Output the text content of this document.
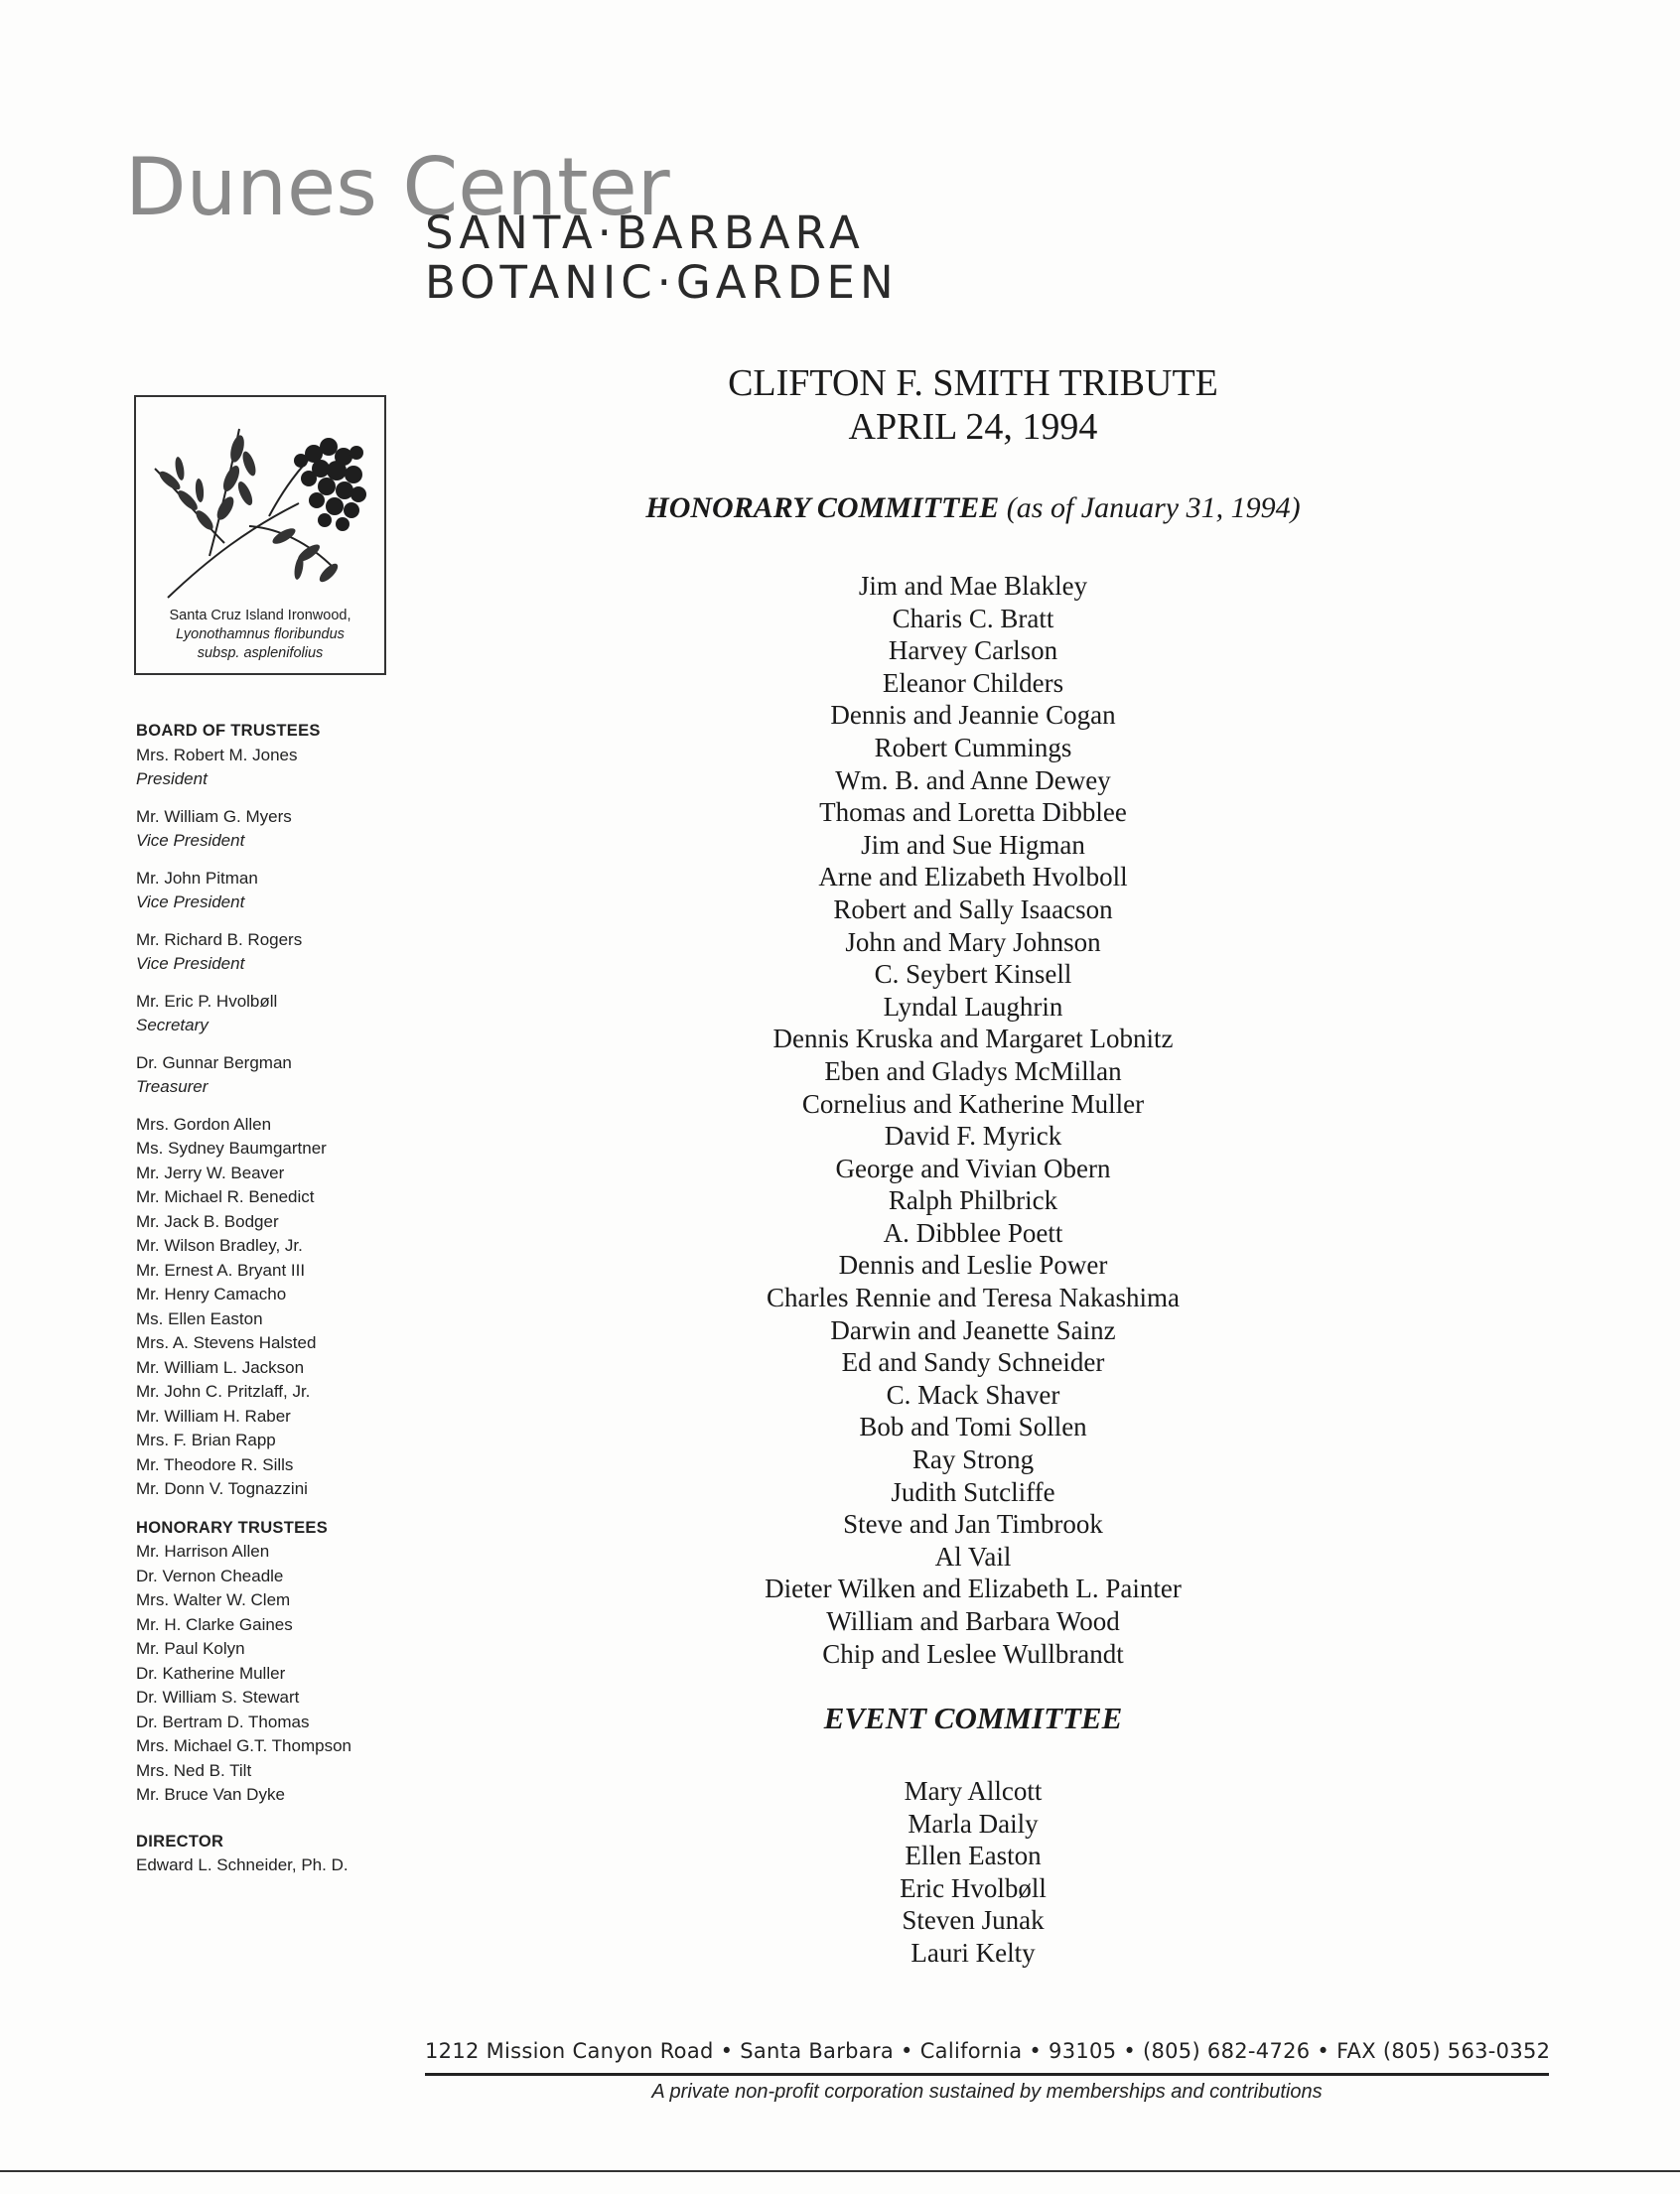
Dunes Center
SANTA·BARBARA
BOTANIC·GARDEN
Santa Cruz Island Ironwood,
Lyonothamnus floribundus
subsp. asplenifolius
BOARD OF TRUSTEES
Mrs. Robert M. Jones
President
Mr. William G. Myers
Vice President
Mr. John Pitman
Vice President
Mr. Richard B. Rogers
Vice President
Mr. Eric P. Hvolbøll
Secretary
Dr. Gunnar Bergman
Treasurer
Mrs. Gordon Allen
Ms. Sydney Baumgartner
Mr. Jerry W. Beaver
Mr. Michael R. Benedict
Mr. Jack B. Bodger
Mr. Wilson Bradley, Jr.
Mr. Ernest A. Bryant III
Mr. Henry Camacho
Ms. Ellen Easton
Mrs. A. Stevens Halsted
Mr. William L. Jackson
Mr. John C. Pritzlaff, Jr.
Mr. William H. Raber
Mrs. F. Brian Rapp
Mr. Theodore R. Sills
Mr. Donn V. Tognazzini
HONORARY TRUSTEES
Mr. Harrison Allen
Dr. Vernon Cheadle
Mrs. Walter W. Clem
Mr. H. Clarke Gaines
Mr. Paul Kolyn
Dr. Katherine Muller
Dr. William S. Stewart
Dr. Bertram D. Thomas
Mrs. Michael G.T. Thompson
Mrs. Ned B. Tilt
Mr. Bruce Van Dyke
DIRECTOR
Edward L. Schneider, Ph. D.
CLIFTON F. SMITH TRIBUTE
APRIL 24, 1994
HONORARY COMMITTEE (as of January 31, 1994)
Jim and Mae Blakley
Charis C. Bratt
Harvey Carlson
Eleanor Childers
Dennis and Jeannie Cogan
Robert Cummings
Wm. B. and Anne Dewey
Thomas and Loretta Dibblee
Jim and Sue Higman
Arne and Elizabeth Hvolboll
Robert and Sally Isaacson
John and Mary Johnson
C. Seybert Kinsell
Lyndal Laughrin
Dennis Kruska and Margaret Lobnitz
Eben and Gladys McMillan
Cornelius and Katherine Muller
David F. Myrick
George and Vivian Obern
Ralph Philbrick
A. Dibblee Poett
Dennis and Leslie Power
Charles Rennie and Teresa Nakashima
Darwin and Jeanette Sainz
Ed and Sandy Schneider
C. Mack Shaver
Bob and Tomi Sollen
Ray Strong
Judith Sutcliffe
Steve and Jan Timbrook
Al Vail
Dieter Wilken and Elizabeth L. Painter
William and Barbara Wood
Chip and Leslee Wullbrandt
EVENT COMMITTEE
Mary Allcott
Marla Daily
Ellen Easton
Eric Hvolbøll
Steven Junak
Lauri Kelty
1212 Mission Canyon Road • Santa Barbara • California • 93105 • (805) 682-4726 • FAX (805) 563-0352
A private non-profit corporation sustained by memberships and contributions
